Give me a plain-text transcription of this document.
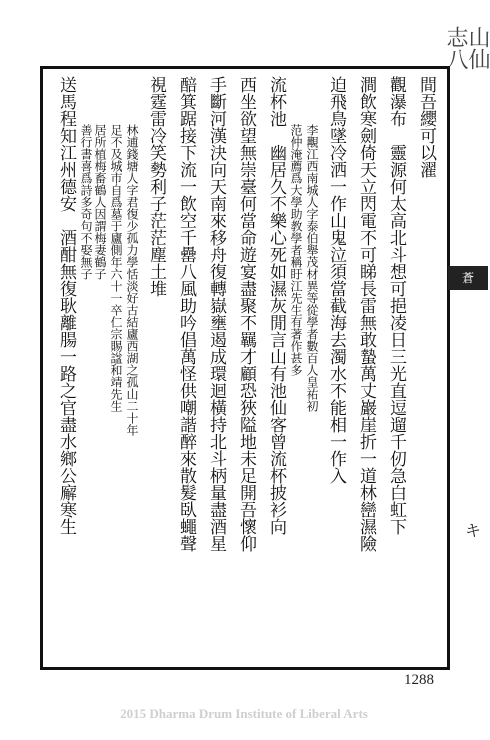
山仙志八
蒼
キ
間吾纓可以濯
觀瀑布　靈源何太高北斗想可挹凌日三光直逗遛千仞急白虹下
澗飲寒劍倚天立閃電不可睇長雷無敢蟄萬丈巖崖折一道林巒濕險
迫飛鳥墜冷洒一作山鬼泣須當截海去濁水不能相一作入
李覯江西南城人字泰伯舉茂材異等從學者數百人皇祐初
范仲淹薦爲大學助教學者稱盱江先生有著作甚多
流杯池　幽居久不樂心死如濕灰閒言山有池仙客曾流杯披衫向
西坐欲望無崇臺何當命遊宴盡聚不羈才顧恐狹隘地未足開吾懷仰
手斷河漢決向天南來移舟復轉嶽壅遏成環迴橫持北斗柄量盡酒星
醅箕踞接下流一飲空千罍八風助吟倡萬怪供嘲諧醉來散髮臥蠅聲
視霆雷冷笑勢利子茫茫塵土堆
林逋錢塘人字君復少孤力學恬淡好古結廬西湖之孤山二十年
足不及城市自爲墓于廬側年六十一卒仁宗賜諡和靖先生
居所植梅畜鶴人因謂梅妻鶴子
善行書喜爲詩多奇句不娶無子
送馬程知江州德安　酒酣無復耿離腸一路之官盡水鄉公廨寒生
1288
2015 Dharma Drum Institute of Liberal Arts
